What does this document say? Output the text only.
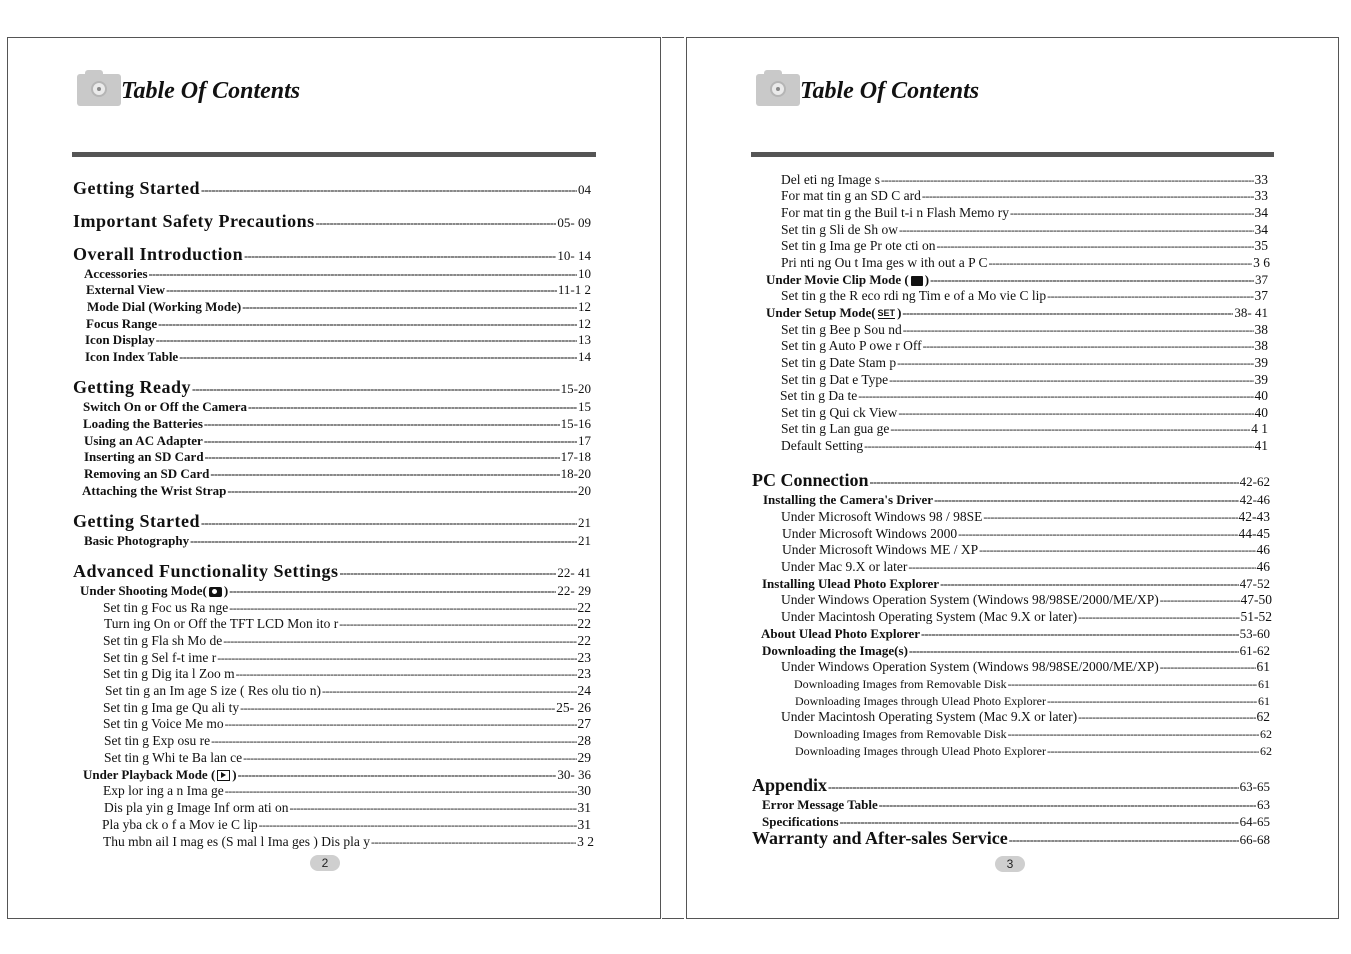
Table Of Contents	Table Of Contents
Getting Started -----	04
Important Safety Precautions -----	05- 09
Overall Introduction -----	10- 14
Accessories -----	10
External View -----	11-1 2
Mode Dial (Working Mode) -----	12
Focus Range -----	12
Icon Display -----	13
Icon Index Table -----	14
Getting Ready -----	15-20
Switch On or Off the Camera -----	15
Loading the Batteries -----	15-16
Using an AC Adapter -----	17
Inserting an SD Card -----	17-18
Removing an SD Card -----	18-20
Attaching the Wrist Strap -----	20
Getting Started -----	21
Basic Photography -----	21
Advanced Functionality Settings -----	22- 41
Under Shooting Mode( ) -----	22- 29
Set tin g Foc us Ra nge -----	22
Turn ing On or Off the TFT LCD Mon ito r -----	22
Set tin g Fla sh Mo de -----	22
Set tin g Sel f-t ime r -----	23
Set tin g Dig ita l Zoo m -----	23
Set tin g an Im age S ize ( Res olu tio n) -----	24
Set tin g Ima ge Qu ali ty -----	25- 26
Set tin g Voice Me mo -----	27
Set tin g Exp osu re -----	28
Set tin g Whi te Ba lan ce -----	29
Under Playback Mode ( ) -----	30- 36
Exp lor ing a n Ima ge -----	30
Dis pla yin g Image Inf orm ati on -----	31
Pla yba ck o f a Mov ie C lip -----	31
Thu mbn ail I mag es (S mal l Ima ges ) Dis pla y -----	3 2
Del eti ng Image s -----	33
For mat tin g an SD C ard -----	33
For mat tin g the Buil t-i n Flash Memo ry -----	34
Set tin g Sli de Sh ow -----	34
Set tin g Ima ge Pr ote cti on -----	35
Pri nti ng Ou t Ima ges w ith out a P C -----	3 6
Under Movie Clip Mode ( ) -----	37
Set tin g the R eco rdi ng Tim e of a Mo vie C lip -----	37
Under Setup Mode( SET ) -----	38- 41
Set tin g Bee p Sou nd -----	38
Set tin g Auto P owe r Off -----	38
Set tin g Date Stam p -----	39
Set tin g Dat e Type -----	39
Set tin g Da te -----	40
Set tin g Qui ck View -----	40
Set tin g Lan gua ge -----	4 1
Default Setting -----	41
PC Connection -----	42-62
Installing the Camera's Driver -----	42-46
Under Microsoft Windows 98 / 98SE -----	42-43
Under Microsoft Windows 2000 -----	44-45
Under Microsoft Windows ME / XP -----	46
Under Mac 9.X or later -----	46
Installing Ulead Photo Explorer -----	47-52
Under Windows Operation System (Windows 98/98SE/2000/ME/XP) -----	47-50
Under Macintosh Operating System (Mac 9.X or later) -----	51-52
About Ulead Photo Explorer -----	53-60
Downloading the Image(s) -----	61-62
Under Windows Operation System (Windows 98/98SE/2000/ME/XP) -----	61
Downloading Images from Removable Disk -----	61
Downloading Images through Ulead Photo Explorer -----	61
Under Macintosh Operating System (Mac 9.X or later) -----	62
Downloading Images from Removable Disk -----	62
Downloading Images through Ulead Photo Explorer -----	62
Appendix -----	63-65
Error Message Table -----	63
Specifications -----	64-65
Warranty and After-sales Service -----	66-68
2	3
